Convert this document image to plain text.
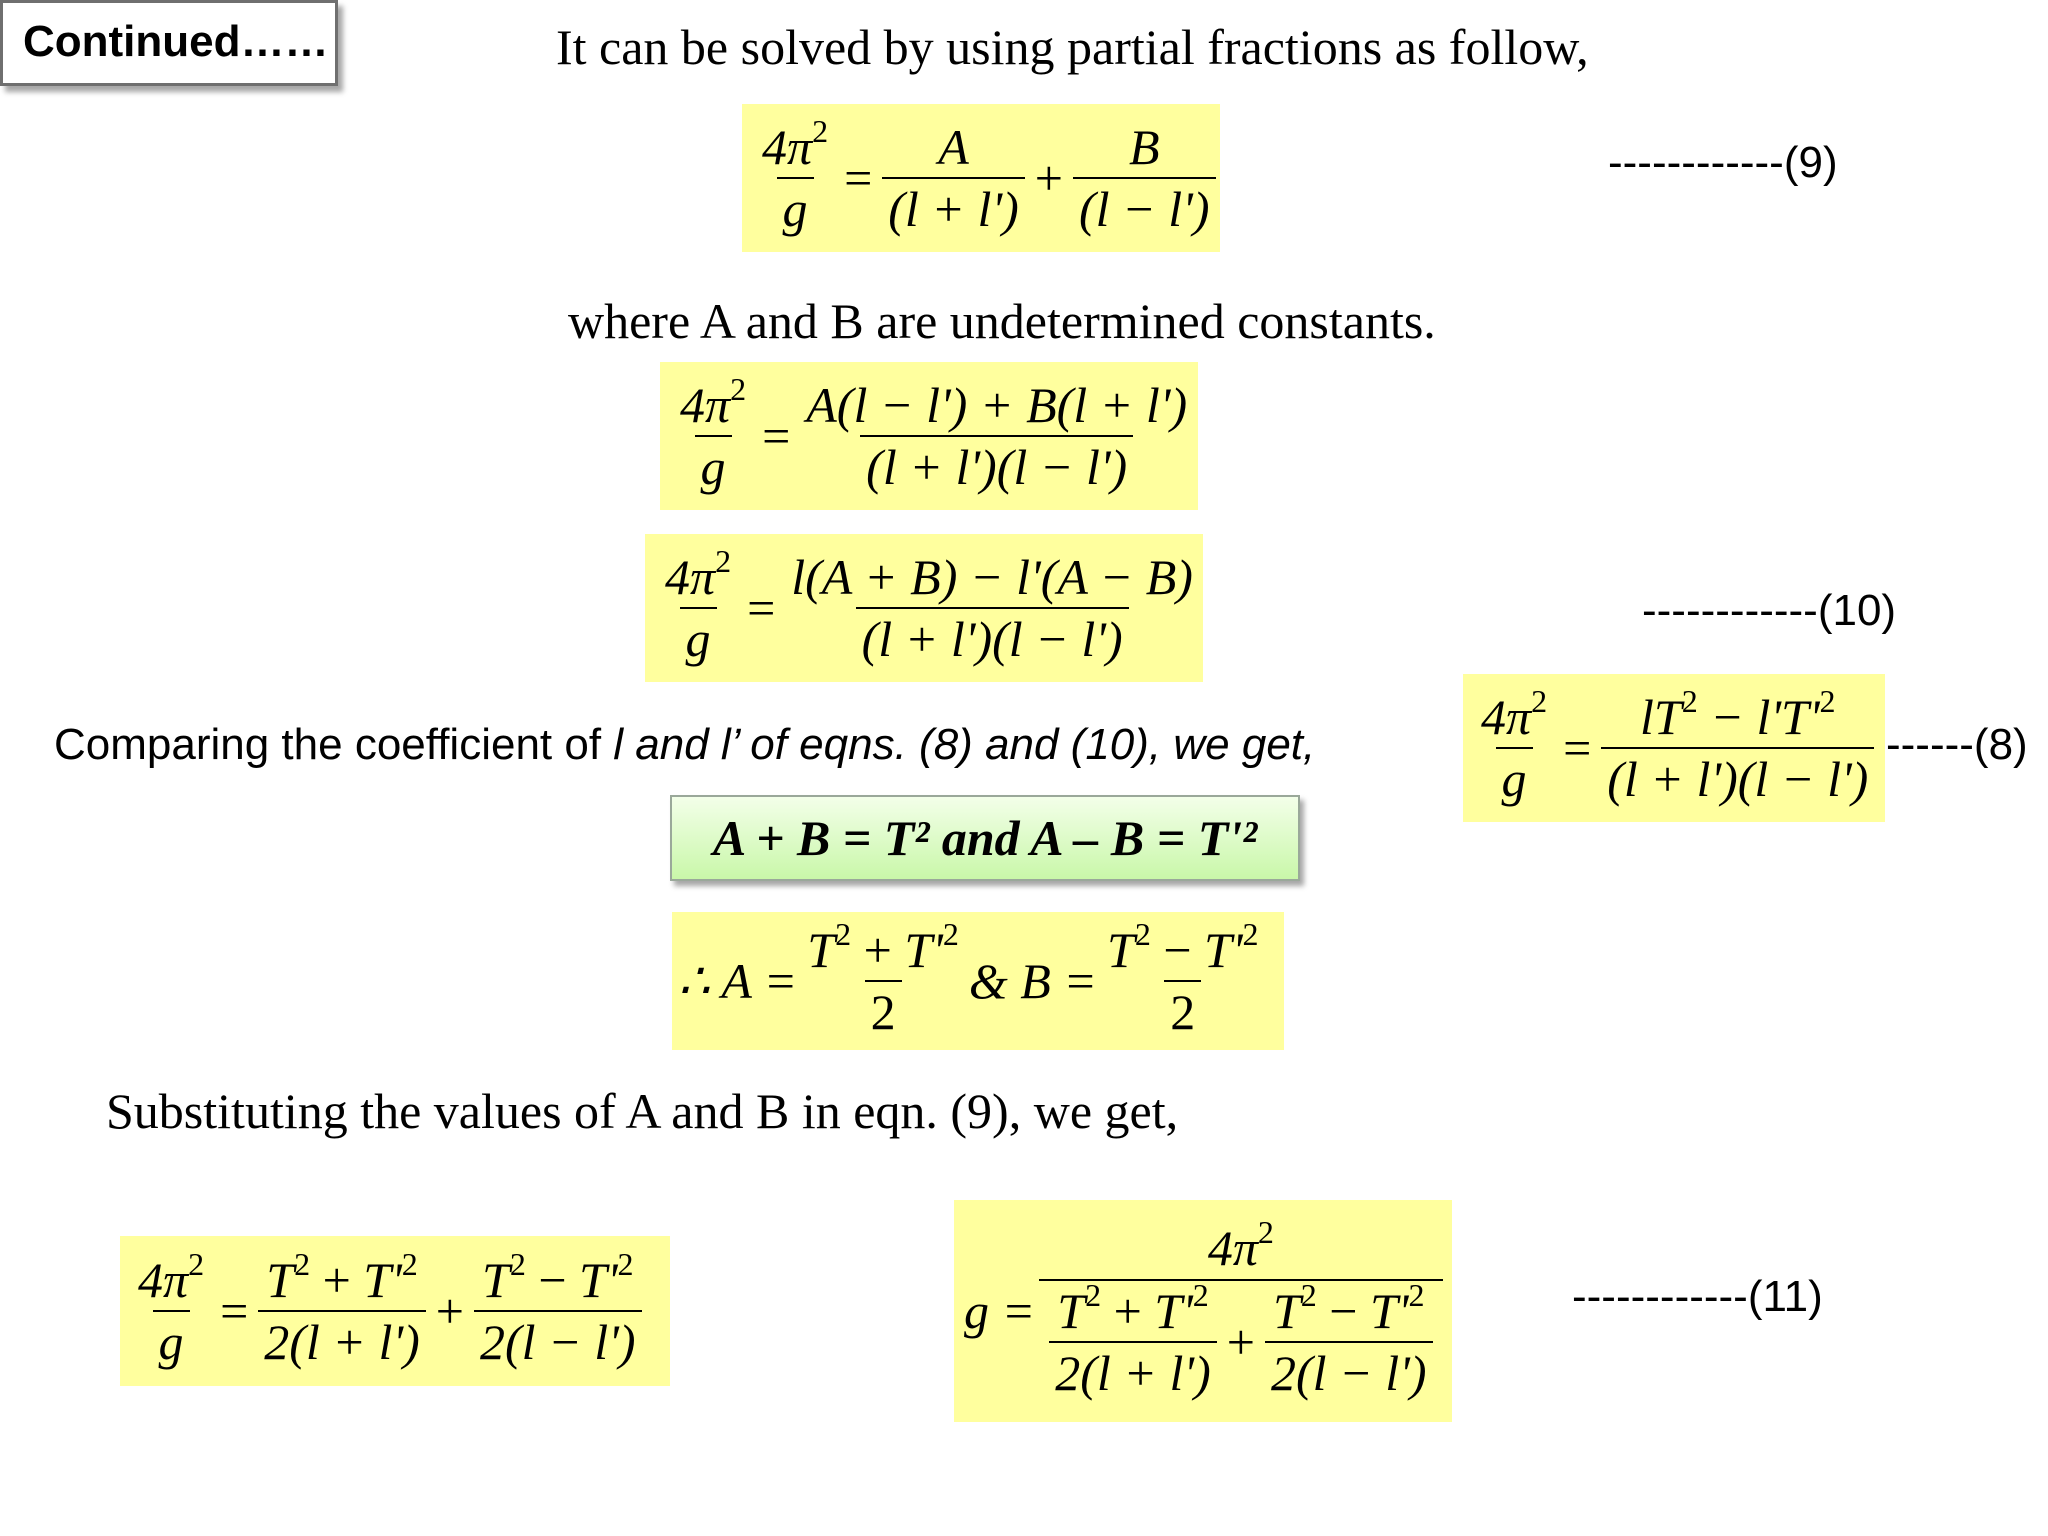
Continued……	It can be solved by using partial fractions as follow,
$\frac{4\pi^2}{g} = \frac{A}{(l + l')} + \frac{B}{(l - l')}$	------------(9)
where A and B are undetermined constants.
$\frac{4\pi^2}{g} = \frac{A(l - l') + B(l + l')}{(l + l')(l - l')}$
$\frac{4\pi^2}{g} = \frac{l(A + B) - l'(A - B)}{(l + l')(l - l')}$	------------(10)
Comparing the coefficient of l and l’ of eqns. (8) and (10), we get,	$\frac{4\pi^2}{g} = \frac{lT^2 - l'T'^2}{(l + l')(l - l')} ------(8)$
A + B = T² and A – B = T'²
∴ $A = \frac{T^2 + T'^2}{2}$ & $B = \frac{T^2 - T'^2}{2}$
Substituting the values of A and B in eqn. (9), we get,
$\frac{4\pi^2}{g} = \frac{T^2 + T'^2}{2(l + l')} + \frac{T^2 - T'^2}{2(l - l')}$	g =
$4\pi^2$
$\frac{T^2 + T'^2}{2(l + l')} + \frac{T^2 - T'^2}{2(l - l')}$	------------(11)
